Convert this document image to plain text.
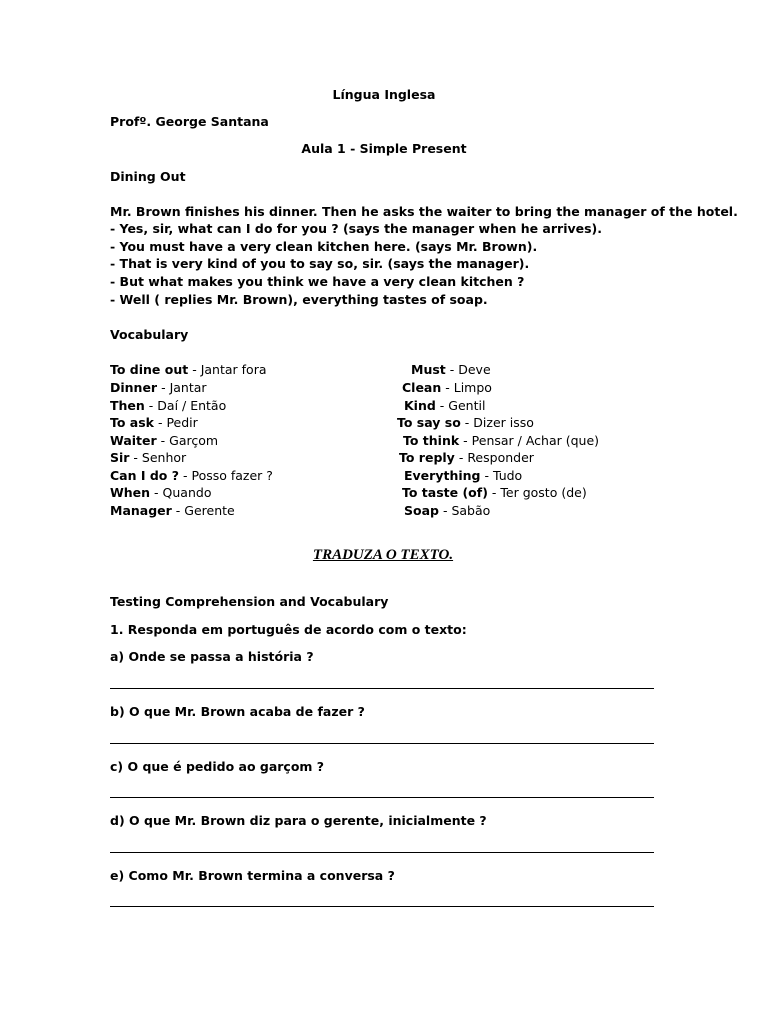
Língua Inglesa
Profº. George Santana
Aula 1 - Simple Present
Dining Out
Mr. Brown finishes his dinner. Then he asks the waiter to bring the manager of the hotel.
- Yes, sir, what can I do for you ? (says the manager when he arrives).
- You must have a very clean kitchen here. (says Mr. Brown).
- That is very kind of you to say so, sir. (says the manager).
- But what makes you think we have a very clean kitchen ?
- Well ( replies Mr. Brown), everything tastes of soap.
Vocabulary
To dine out - Jantar fora
Dinner - Jantar
Then - Daí / Então
To ask - Pedir
Waiter - Garçom
Sir - Senhor
Can I do ? - Posso fazer ?
When - Quando
Manager - Gerente
Must - Deve
Clean - Limpo
Kind - Gentil
To say so - Dizer isso
To think - Pensar / Achar (que)
To reply - Responder
Everything - Tudo
To taste (of) - Ter gosto (de)
Soap - Sabão
TRADUZA O TEXTO.
Testing Comprehension and Vocabulary
1. Responda em português de acordo com o texto:
a) Onde se passa a história ?
b) O que Mr. Brown acaba de fazer ?
c) O que é pedido ao garçom ?
d) O que Mr. Brown diz para o gerente, inicialmente ?
e) Como Mr. Brown termina a conversa ?
